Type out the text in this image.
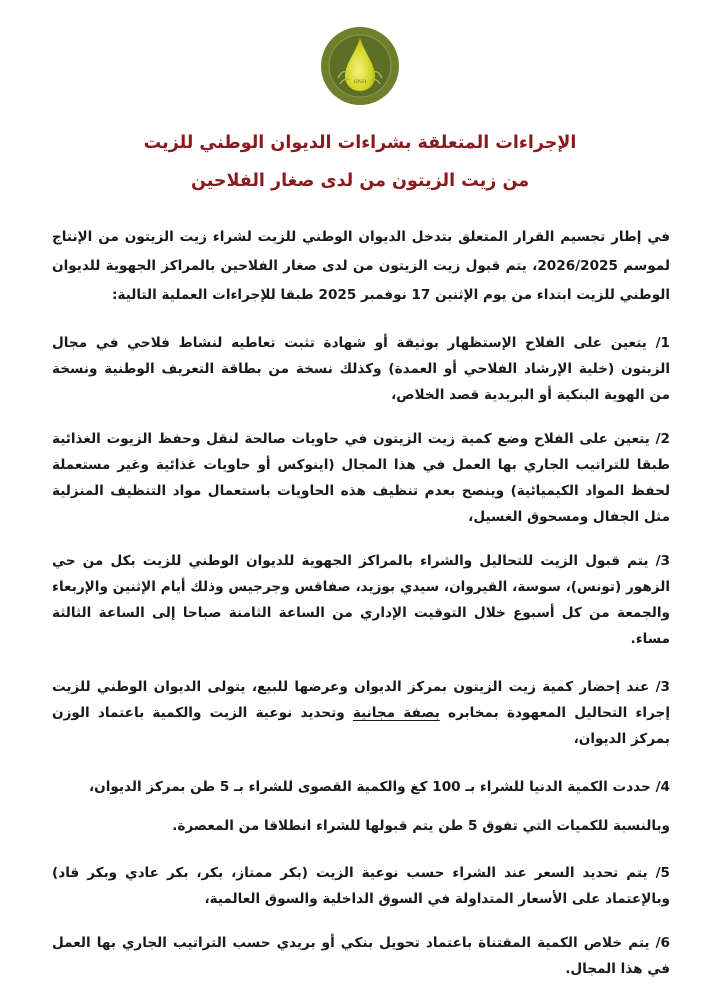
ONH

الإجراءات المتعلقة بشراءات الديوان الوطني للزيت

من زيت الزيتون من لدى صغار الفلاحين

في إطار تجسيم القرار المتعلق بتدخل الديوان الوطني للزيت لشراء زيت الزيتون من الإنتاج لموسم 2026/2025، يتم قبول زيت الزيتون من لدى صغار الفلاحين بالمراكز الجهوية للديوان الوطني للزيت ابتداء من يوم الإثنين 17 نوفمبر 2025 طبقا للإجراءات العملية التالية:

1/ يتعين على الفلاح الإستظهار بوثيقة أو شهادة تثبت تعاطيه لنشاط فلاحي في مجال الزيتون (خلية الإرشاد الفلاحي أو العمدة) وكذلك نسخة من بطاقة التعريف الوطنية ونسخة من الهوية البنكية أو البريدية قصد الخلاص،

2/ يتعين على الفلاح وضع كمية زيت الزيتون في حاويات صالحة لنقل وحفظ الزيوت الغذائية طبقا للتراتيب الجاري بها العمل في هذا المجال (اينوكس أو حاويات غذائية وغير مستعملة لحفظ المواد الكيميائية) وينصح بعدم تنظيف هذه الحاويات باستعمال مواد التنظيف المنزلية مثل الجفال ومسحوق الغسيل،

3/ يتم قبول الزيت للتحاليل والشراء بالمراكز الجهوية للديوان الوطني للزيت بكل من حي الزهور (تونس)، سوسة، القيروان، سيدي بوزيد، صفاقس وجرجيس وذلك أيام الإثنين والإربعاء والجمعة من كل أسبوع خلال التوقيت الإداري من الساعة الثامنة صباحا إلى الساعة الثالثة مساء.

3/ عند إحضار كمية زيت الزيتون بمركز الديوان وعرضها للبيع، يتولى الديوان الوطني للزيت إجراء التحاليل المعهودة بمخابره بصفة مجانية وتحديد نوعية الزيت والكمية باعتماد الوزن بمركز الديوان،

4/ حددت الكمية الدنيا للشراء بـ 100 كغ والكمية القصوى للشراء بـ 5 طن بمركز الديوان،

وبالنسبة للكميات التي تفوق 5 طن يتم قبولها للشراء انطلاقا من المعصرة.

5/ يتم تحديد السعر عند الشراء حسب نوعية الزيت (بكر ممتاز، بكر، بكر عادي وبكر قاد) وبالإعتماد على الأسعار المتداولة في السوق الداخلية والسوق العالمية،

6/ يتم خلاص الكمية المقتناة باعتماد تحويل بنكي أو بريدي حسب التراتيب الجاري بها العمل في هذا المجال.
